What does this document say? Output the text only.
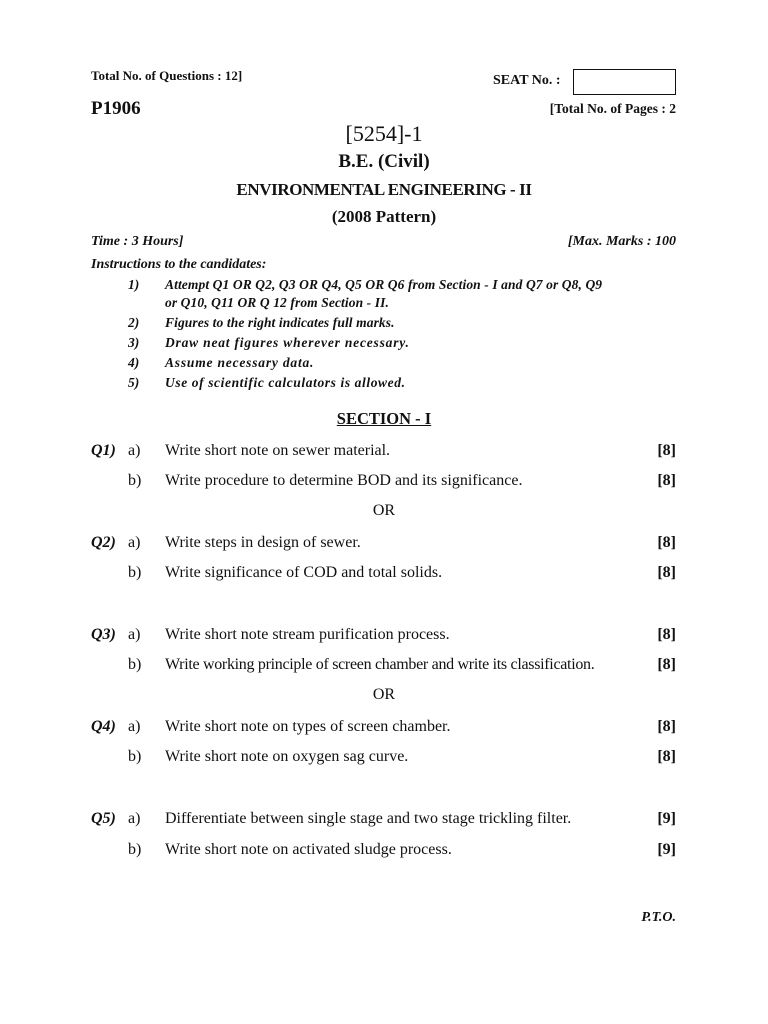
Total No. of Questions : 12]	SEAT No. :
P1906	[Total No. of Pages : 2
[5254]-1
B.E. (Civil)
ENVIRONMENTAL ENGINEERING - II
(2008 Pattern)
Time : 3 Hours]	[Max. Marks : 100
Instructions to the candidates:
1) Attempt Q1 OR Q2, Q3 OR Q4, Q5 OR Q6 from Section - I and Q7 or Q8, Q9
or Q10, Q11 OR Q 12 from Section - II.
2) Figures to the right indicates full marks.
3) Draw neat figures wherever necessary.
4) Assume necessary data.
5) Use of scientific calculators is allowed.
SECTION - I
Q1) a) Write short note on sewer material.	[8]
b) Write procedure to determine BOD and its significance.	[8]
OR
Q2) a) Write steps in design of sewer.	[8]
b) Write significance of COD and total solids.	[8]
Q3) a) Write short note stream purification process.	[8]
b) Write working principle of screen chamber and write its classification.	[8]
OR
Q4) a) Write short note on types of screen chamber.	[8]
b) Write short note on oxygen sag curve.	[8]
Q5) a) Differentiate between single stage and two stage trickling filter.	[9]
b) Write short note on activated sludge process.	[9]
P.T.O.
